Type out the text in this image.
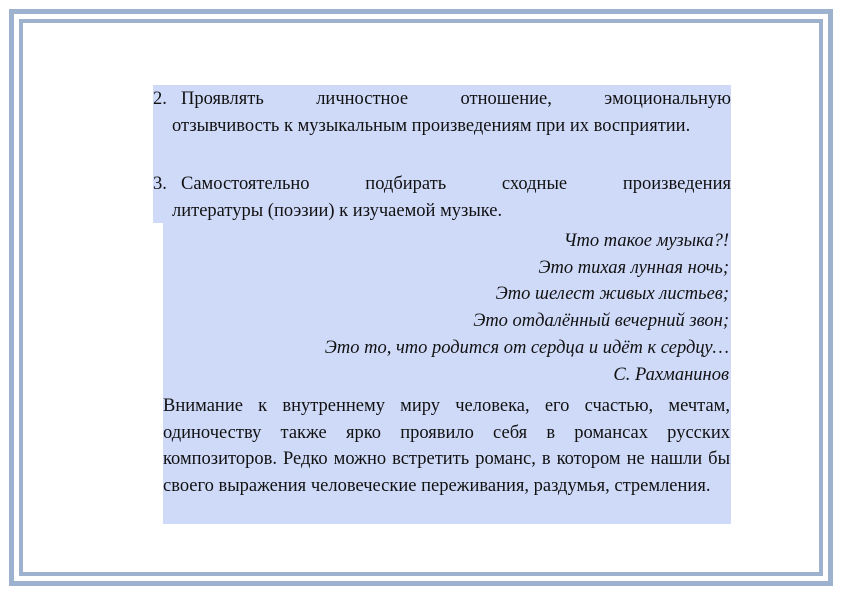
2. Проявлять личностное отношение, эмоциональную
отзывчивость к музыкальным произведениям при их восприятии.
3. Самостоятельно подбирать сходные произведения
литературы (поэзии) к изучаемой музыке.
Что такое музыка?!
Это тихая лунная ночь;
Это шелест живых листьев;
Это отдалённый вечерний звон;
Это то, что родится от сердца и идёт к сердцу…
С. Рахманинов
Внимание к внутреннему миру человека, его счастью, мечтам, одиночеству также ярко проявило себя в романсах русских композиторов. Редко можно встретить романс, в котором не нашли бы своего выражения человеческие переживания, раздумья, стремления.
